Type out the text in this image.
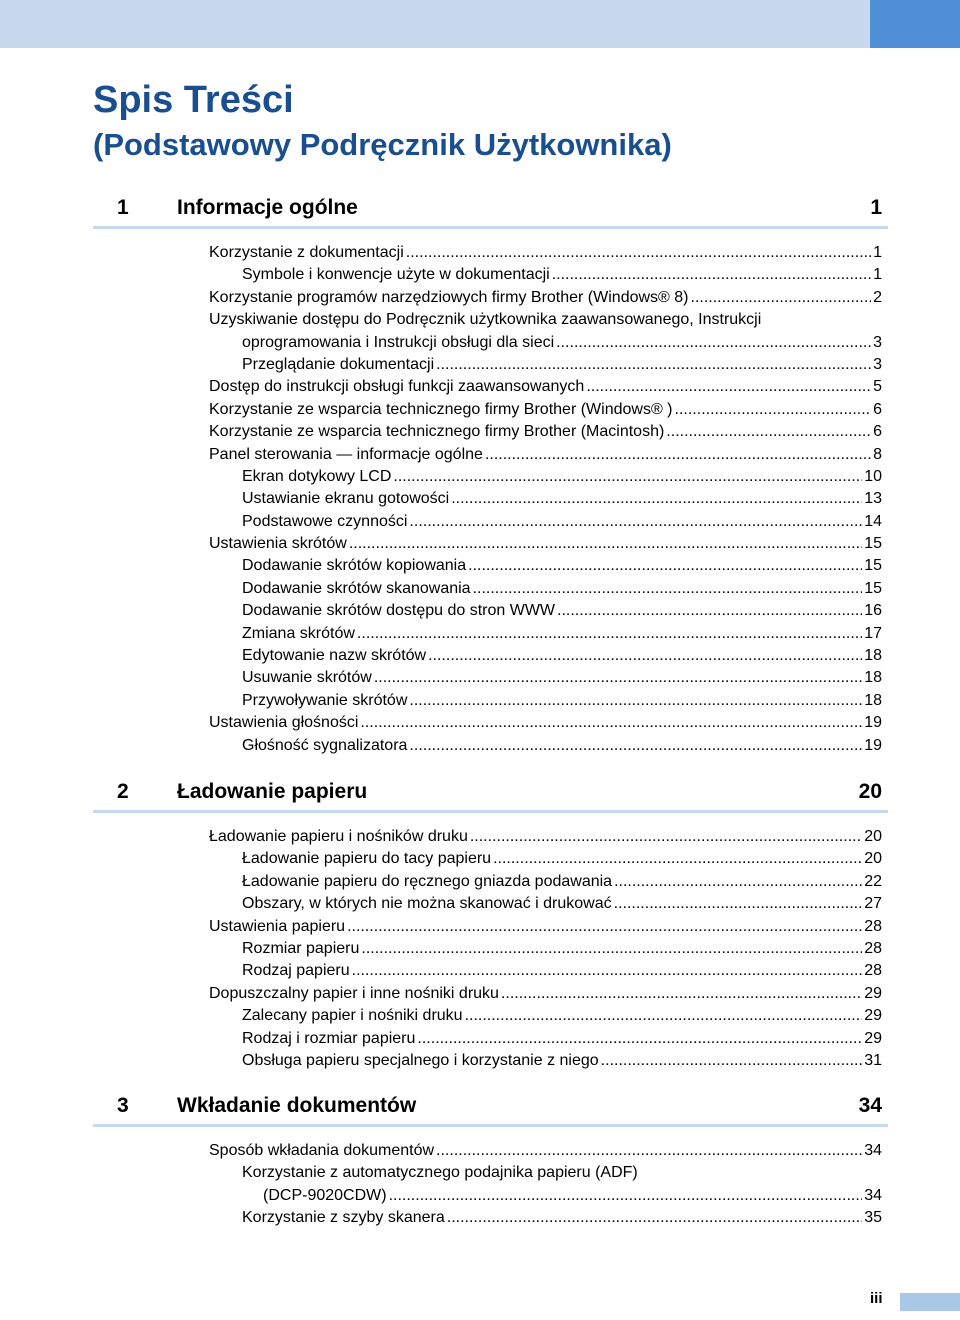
Spis Treści
(Podstawowy Podręcznik Użytkownika)
1 Informacje ogólne	1
Korzystanie z dokumentacji .....	1
Symbole i konwencje użyte w dokumentacji .....	1
Korzystanie programów narzędziowych firmy Brother (Windows® 8) .....	2
Uzyskiwanie dostępu do Podręcznik użytkownika zaawansowanego, Instrukcji
oprogramowania i Instrukcji obsługi dla sieci .....	3
Przeglądanie dokumentacji .....	3
Dostęp do instrukcji obsługi funkcji zaawansowanych .....	5
Korzystanie ze wsparcia technicznego firmy Brother (Windows® ) .....	6
Korzystanie ze wsparcia technicznego firmy Brother (Macintosh) .....	6
Panel sterowania — informacje ogólne .....	8
Ekran dotykowy LCD .....	10
Ustawianie ekranu gotowości .....	13
Podstawowe czynności .....	14
Ustawienia skrótów .....	15
Dodawanie skrótów kopiowania .....	15
Dodawanie skrótów skanowania .....	15
Dodawanie skrótów dostępu do stron WWW .....	16
Zmiana skrótów .....	17
Edytowanie nazw skrótów .....	18
Usuwanie skrótów .....	18
Przywoływanie skrótów .....	18
Ustawienia głośności .....	19
Głośność sygnalizatora .....	19
2 Ładowanie papieru	20
Ładowanie papieru i nośników druku .....	20
Ładowanie papieru do tacy papieru .....	20
Ładowanie papieru do ręcznego gniazda podawania .....	22
Obszary, w których nie można skanować i drukować .....	27
Ustawienia papieru .....	28
Rozmiar papieru .....	28
Rodzaj papieru .....	28
Dopuszczalny papier i inne nośniki druku .....	29
Zalecany papier i nośniki druku .....	29
Rodzaj i rozmiar papieru .....	29
Obsługa papieru specjalnego i korzystanie z niego .....	31
3 Wkładanie dokumentów	34
Sposób wkładania dokumentów .....	34
Korzystanie z automatycznego podajnika papieru (ADF)
(DCP-9020CDW) .....	34
Korzystanie z szyby skanera .....	35
iii
